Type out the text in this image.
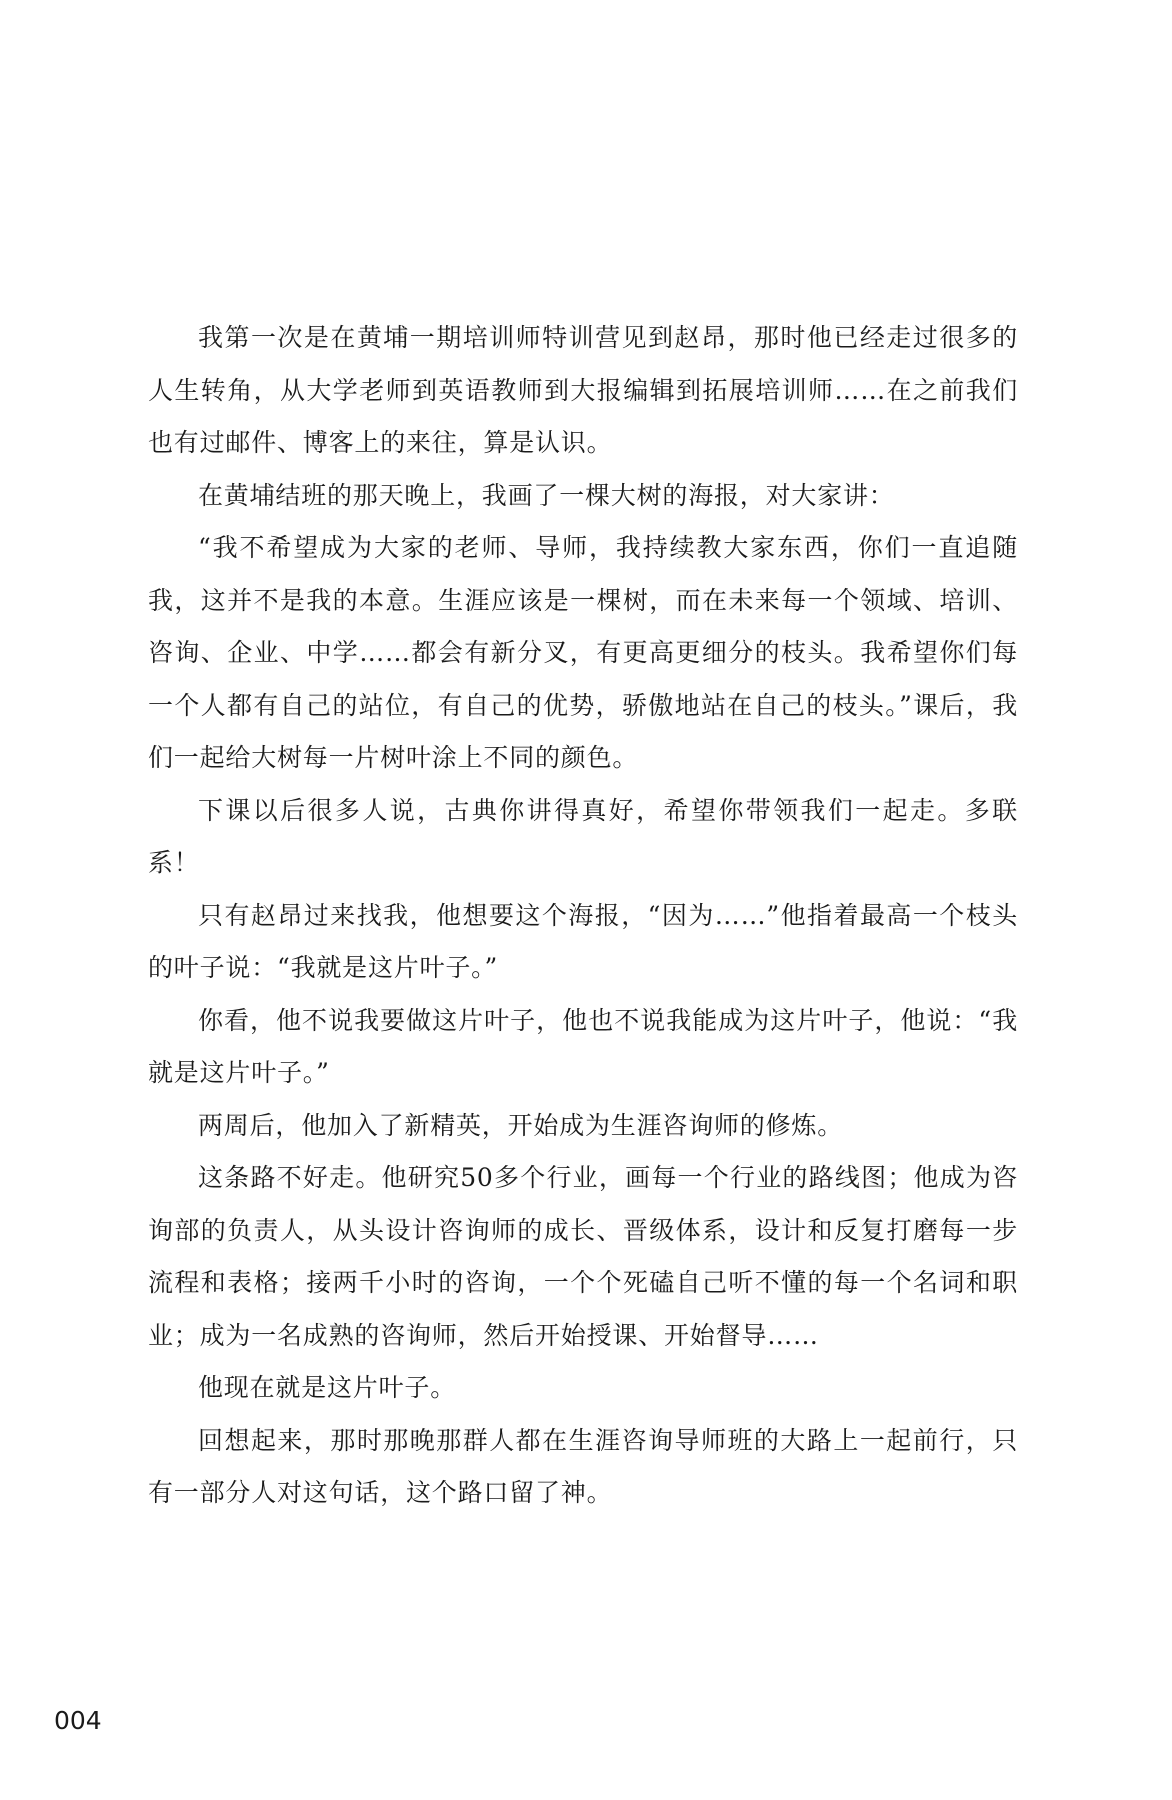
我第一次是在黄埔一期培训师特训营见到赵昂，那时他已经走过很多的人生转角，从大学老师到英语教师到大报编辑到拓展培训师……在之前我们也有过邮件、博客上的来往，算是认识。

在黄埔结班的那天晚上，我画了一棵大树的海报，对大家讲：

“我不希望成为大家的老师、导师，我持续教大家东西，你们一直追随我，这并不是我的本意。生涯应该是一棵树，而在未来每一个领域、培训、咨询、企业、中学……都会有新分叉，有更高更细分的枝头。我希望你们每一个人都有自己的站位，有自己的优势，骄傲地站在自己的枝头。”课后，我们一起给大树每一片树叶涂上不同的颜色。

下课以后很多人说，古典你讲得真好，希望你带领我们一起走。多联系！

只有赵昂过来找我，他想要这个海报，“因为……”他指着最高一个枝头的叶子说：“我就是这片叶子。”

你看，他不说我要做这片叶子，他也不说我能成为这片叶子，他说：“我就是这片叶子。”

两周后，他加入了新精英，开始成为生涯咨询师的修炼。

这条路不好走。他研究50多个行业，画每一个行业的路线图；他成为咨询部的负责人，从头设计咨询师的成长、晋级体系，设计和反复打磨每一步流程和表格；接两千小时的咨询，一个个死磕自己听不懂的每一个名词和职业；成为一名成熟的咨询师，然后开始授课、开始督导……

他现在就是这片叶子。

回想起来，那时那晚那群人都在生涯咨询导师班的大路上一起前行，只有一部分人对这句话，这个路口留了神。

004
